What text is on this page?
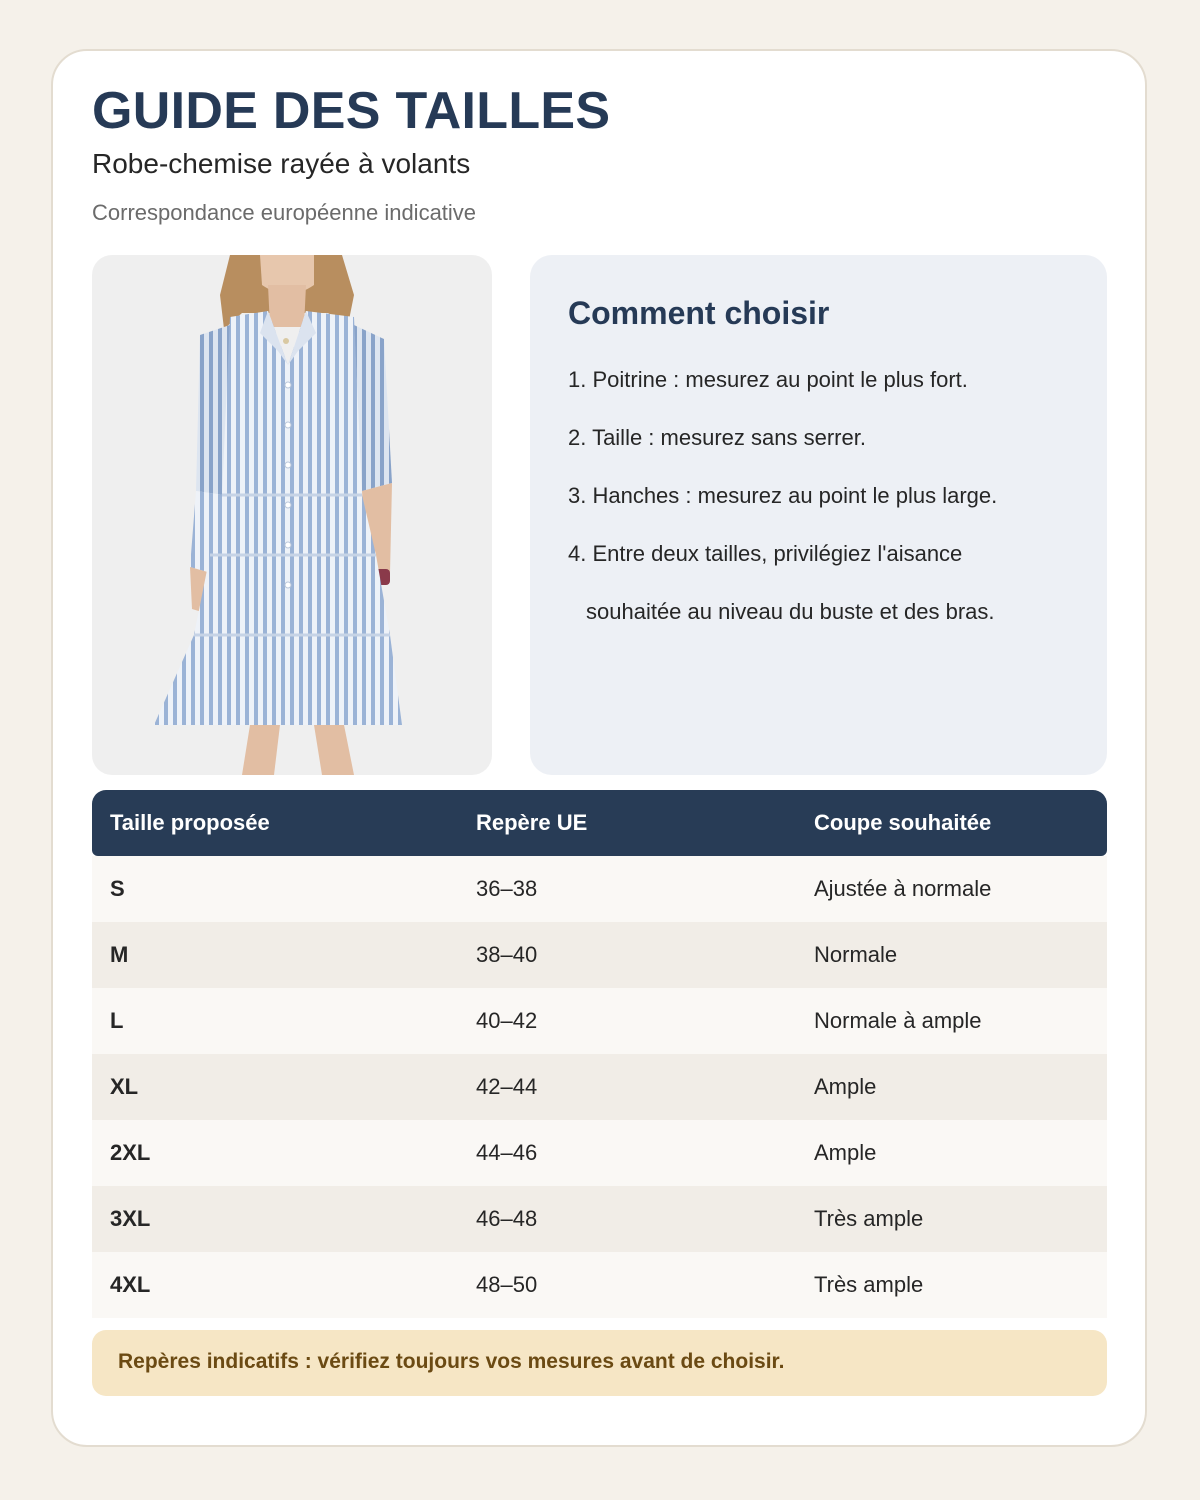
GUIDE DES TAILLES
Robe-chemise rayée à volants
Correspondance européenne indicative
Comment choisir
1. Poitrine : mesurez au point le plus fort.
2. Taille : mesurez sans serrer.
3. Hanches : mesurez au point le plus large.
4. Entre deux tailles, privilégiez l'aisance
souhaitée au niveau du buste et des bras.
Taille proposée	Repère UE	Coupe souhaitée
S	36–38	Ajustée à normale
M	38–40	Normale
L	40–42	Normale à ample
XL	42–44	Ample
2XL	44–46	Ample
3XL	46–48	Très ample
4XL	48–50	Très ample
Repères indicatifs : vérifiez toujours vos mesures avant de choisir.
